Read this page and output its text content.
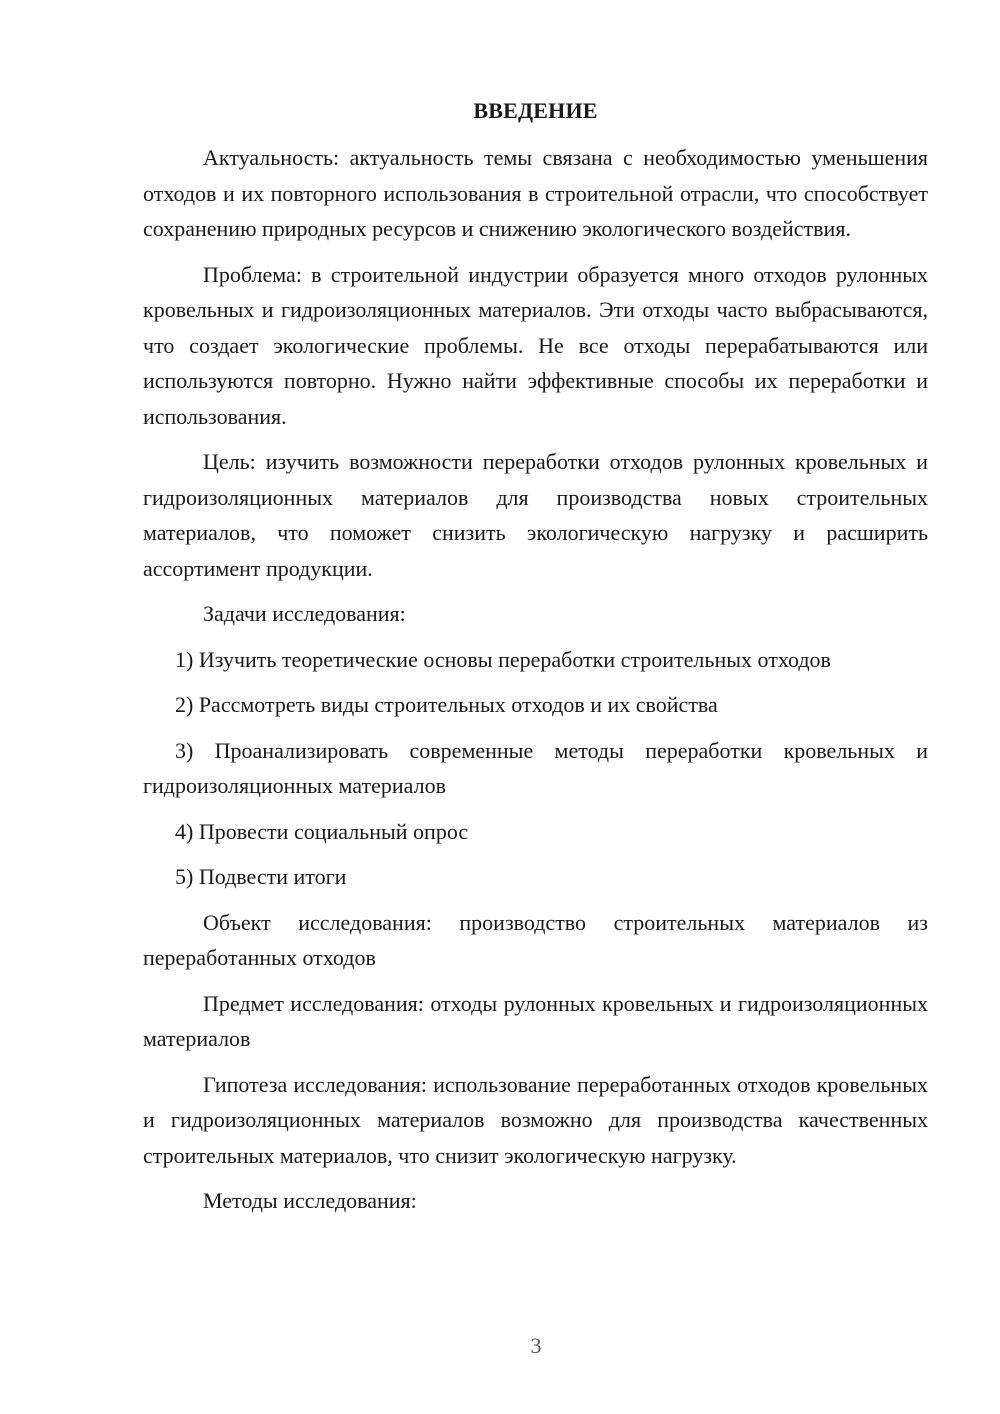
ВВЕДЕНИЕ

Актуальность: актуальность темы связана с необходимостью уменьшения отходов и их повторного использования в строительной отрасли, что способствует сохранению природных ресурсов и снижению экологического воздействия.

Проблема: в строительной индустрии образуется много отходов рулонных кровельных и гидроизоляционных материалов. Эти отходы часто выбрасываются, что создает экологические проблемы. Не все отходы перерабатываются или используются повторно. Нужно найти эффективные способы их переработки и использования.

Цель: изучить возможности переработки отходов рулонных кровельных и гидроизоляционных материалов для производства новых строительных материалов, что поможет снизить экологическую нагрузку и расширить ассортимент продукции.

Задачи исследования:

1) Изучить теоретические основы переработки строительных отходов

2) Рассмотреть виды строительных отходов и их свойства

3) Проанализировать современные методы переработки кровельных и гидроизоляционных материалов

4) Провести социальный опрос

5) Подвести итоги

Объект исследования: производство строительных материалов из переработанных отходов

Предмет исследования: отходы рулонных кровельных и гидроизоляционных материалов

Гипотеза исследования: использование переработанных отходов кровельных и гидроизоляционных материалов возможно для производства качественных строительных материалов, что снизит экологическую нагрузку.

Методы исследования:

3
